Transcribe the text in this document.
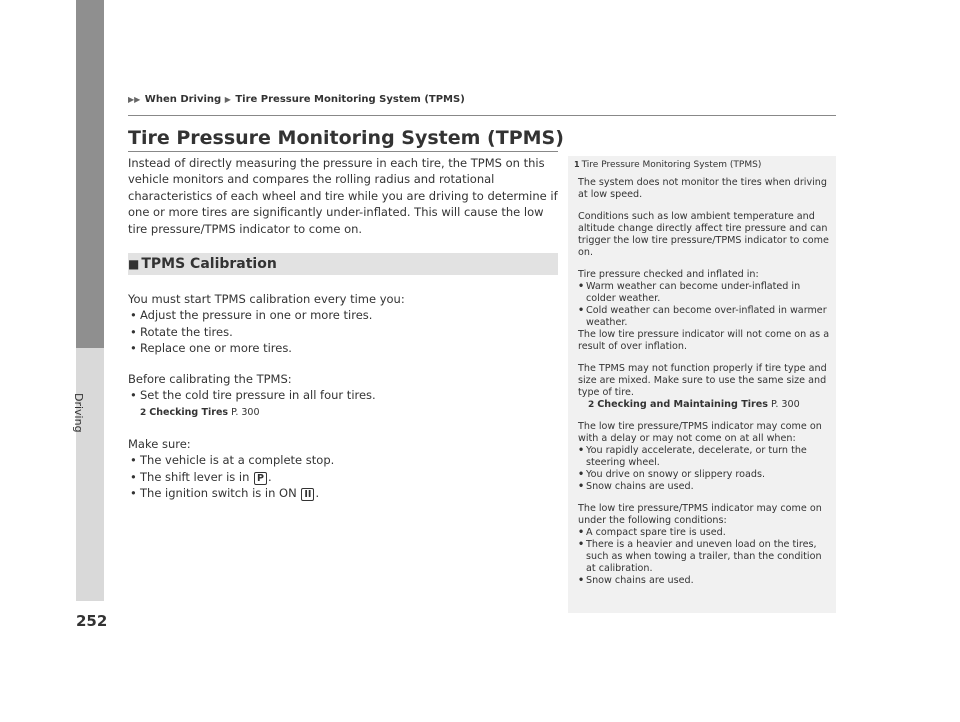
Driving
252
▶▶ When Driving ▶ Tire Pressure Monitoring System (TPMS)
Tire Pressure Monitoring System (TPMS)

Instead of directly measuring the pressure in each tire, the TPMS on this vehicle monitors and compares the rolling radius and rotational characteristics of each wheel and tire while you are driving to determine if one or more tires are significantly under-inflated. This will cause the low tire pressure/TPMS indicator to come on.

■ TPMS Calibration

You must start TPMS calibration every time you:

• Adjust the pressure in one or more tires.
• Rotate the tires.
• Replace one or more tires.

Before calibrating the TPMS:

• Set the cold tire pressure in all four tires.
2 Checking Tires P. 300

Make sure:

• The vehicle is at a complete stop.
• The shift lever is in P .
• The ignition switch is in ON II .
1 Tire Pressure Monitoring System (TPMS)

The system does not monitor the tires when driving at low speed.

Conditions such as low ambient temperature and altitude change directly affect tire pressure and can trigger the low tire pressure/TPMS indicator to come on.

Tire pressure checked and inflated in:

• Warm weather can become under-inflated in colder weather.
• Cold weather can become over-inflated in warmer weather.

The low tire pressure indicator will not come on as a result of over inflation.

The TPMS may not function properly if tire type and size are mixed. Make sure to use the same size and type of tire.

2 Checking and Maintaining Tires P. 300

The low tire pressure/TPMS indicator may come on with a delay or may not come on at all when:

• You rapidly accelerate, decelerate, or turn the steering wheel.
• You drive on snowy or slippery roads.
• Snow chains are used.

The low tire pressure/TPMS indicator may come on under the following conditions:

• A compact spare tire is used.
• There is a heavier and uneven load on the tires, such as when towing a trailer, than the condition at calibration.
• Snow chains are used.
